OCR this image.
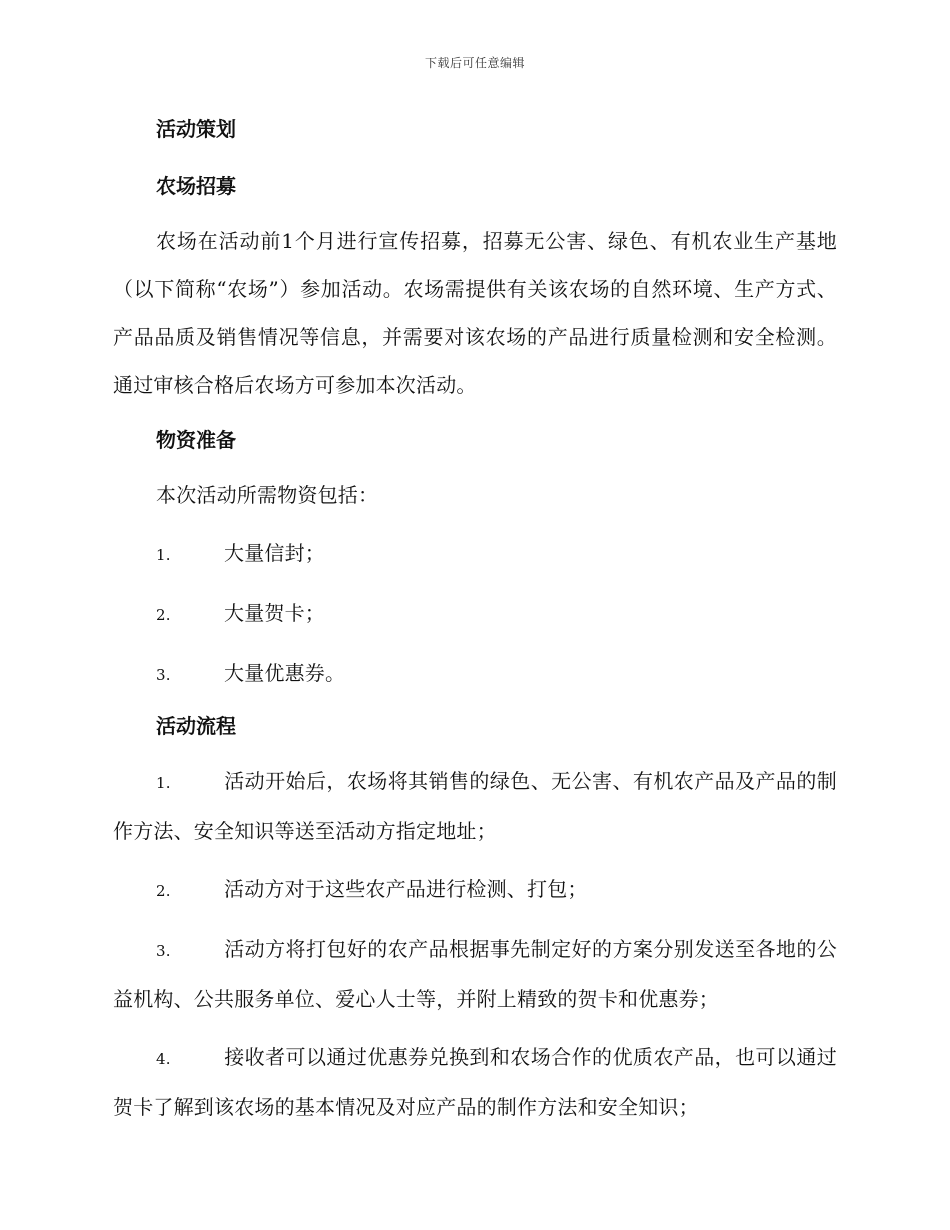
下载后可任意编辑
活动策划
农场招募

农场在活动前1个月进行宣传招募，招募无公害、绿色、有机农业生产基地（以下简称“农场”）参加活动。农场需提供有关该农场的自然环境、生产方式、产品品质及销售情况等信息，并需要对该农场的产品进行质量检测和安全检测。通过审核合格后农场方可参加本次活动。

物资准备

本次活动所需物资包括：

1.	大量信封；
2.	大量贺卡；
3.	大量优惠券。
活动流程
1.	活动开始后，农场将其销售的绿色、无公害、有机农产品及产品的制作方法、安全知识等送至活动方指定地址；
2.	活动方对于这些农产品进行检测、打包；
3.	活动方将打包好的农产品根据事先制定好的方案分别发送至各地的公益机构、公共服务单位、爱心人士等，并附上精致的贺卡和优惠券；
4.	接收者可以通过优惠券兑换到和农场合作的优质农产品，也可以通过贺卡了解到该农场的基本情况及对应产品的制作方法和安全知识；
